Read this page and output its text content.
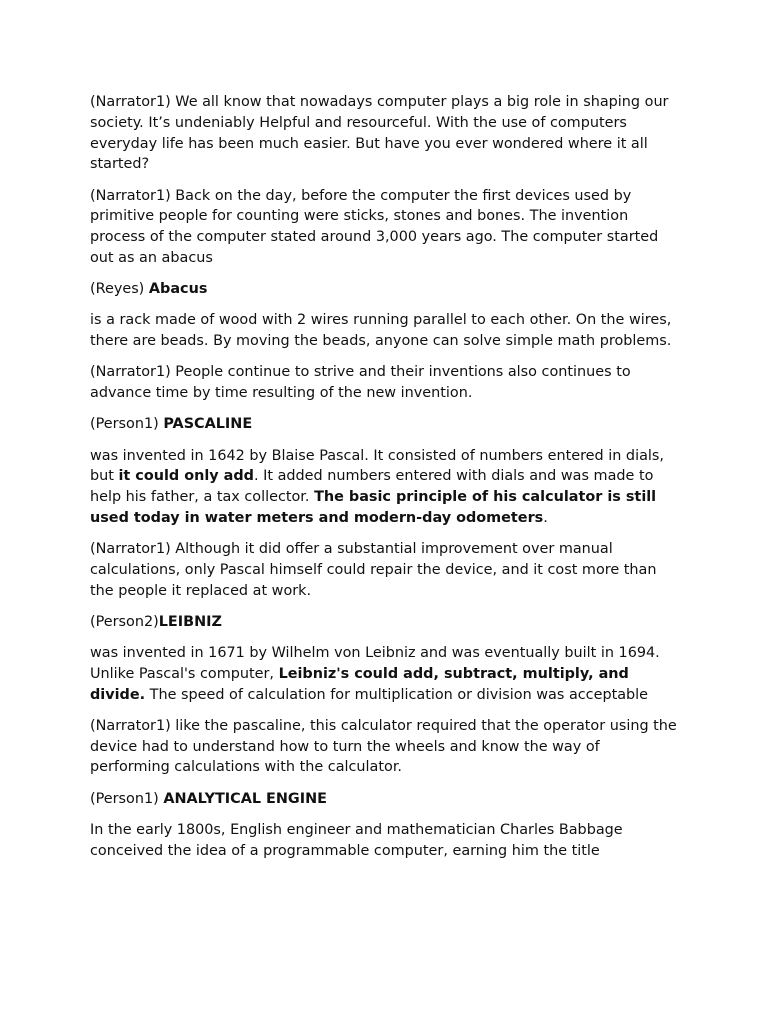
(Narrator1) We all know that nowadays computer plays a big role in shaping our society. It’s undeniably Helpful and resourceful. With the use of computers everyday life has been much easier. But have you ever wondered where it all started?

(Narrator1) Back on the day, before the computer the first devices used by primitive people for counting were sticks, stones and bones. The invention process of the computer stated around 3,000 years ago. The computer started out as an abacus

(Reyes) Abacus

is a rack made of wood with 2 wires running parallel to each other. On the wires, there are beads. By moving the beads, anyone can solve simple math problems.

(Narrator1) People continue to strive and their inventions also continues to advance time by time resulting of the new invention.

(Person1) PASCALINE

was invented in 1642 by Blaise Pascal. It consisted of numbers entered in dials, but it could only add. It added numbers entered with dials and was made to help his father, a tax collector. The basic principle of his calculator is still used today in water meters and modern-day odometers.

(Narrator1) Although it did offer a substantial improvement over manual calculations, only Pascal himself could repair the device, and it cost more than the people it replaced at work.

(Person2)LEIBNIZ

was invented in 1671 by Wilhelm von Leibniz and was eventually built in 1694. Unlike Pascal's computer, Leibniz's could add, subtract, multiply, and divide. The speed of calculation for multiplication or division was acceptable

(Narrator1) like the pascaline, this calculator required that the operator using the device had to understand how to turn the wheels and know the way of performing calculations with the calculator.

(Person1) ANALYTICAL ENGINE

In the early 1800s, English engineer and mathematician Charles Babbage conceived the idea of a programmable computer, earning him the title
